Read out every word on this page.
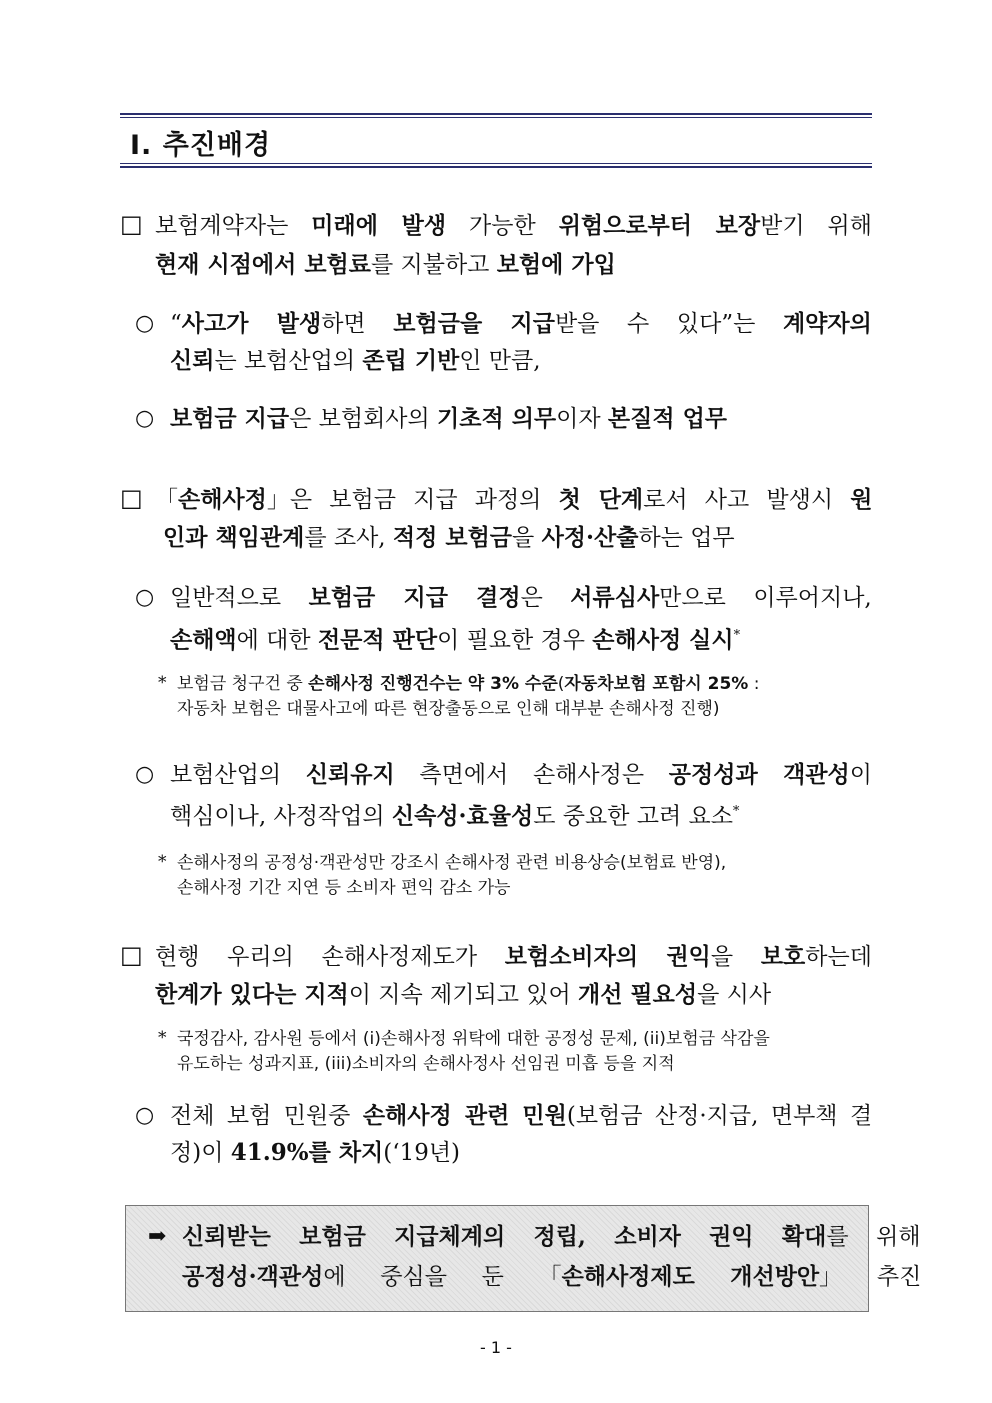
Ⅰ. 추진배경
□ 보험계약자는 미래에 발생 가능한 위험으로부터 보장받기 위해
현재 시점에서 보험료를 지불하고 보험에 가입
○ “사고가 발생하면 보험금을 지급받을 수 있다”는 계약자의
신뢰는 보험산업의 존립 기반인 만큼,
○ 보험금 지급은 보험회사의 기초적 의무이자 본질적 업무
□ 「손해사정」은 보험금 지급 과정의 첫 단계로서 사고 발생시 원
인과 책임관계를 조사, 적정 보험금을 사정·산출하는 업무
○ 일반적으로 보험금 지급 결정은 서류심사만으로 이루어지나,
손해액에 대한 전문적 판단이 필요한 경우 손해사정 실시*
* 보험금 청구건 중 손해사정 진행건수는 약 3% 수준(자동차보험 포함시 25% :
자동차 보험은 대물사고에 따른 현장출동으로 인해 대부분 손해사정 진행)
○ 보험산업의 신뢰유지 측면에서 손해사정은 공정성과 객관성이
핵심이나, 사정작업의 신속성·효율성도 중요한 고려 요소*
* 손해사정의 공정성·객관성만 강조시 손해사정 관련 비용상승(보험료 반영),
손해사정 기간 지연 등 소비자 편익 감소 가능
□ 현행 우리의 손해사정제도가 보험소비자의 권익을 보호하는데
한계가 있다는 지적이 지속 제기되고 있어 개선 필요성을 시사
* 국정감사, 감사원 등에서 (i)손해사정 위탁에 대한 공정성 문제, (ii)보험금 삭감을
유도하는 성과지표, (iii)소비자의 손해사정사 선임권 미흡 등을 지적
○ 전체 보험 민원중 손해사정 관련 민원(보험금 산정·지급, 면부책 결
정)이 41.9%를 차지(‘19년)
➡ 신뢰받는 보험금 지급체계의 정립, 소비자 권익 확대를 위해
공정성·객관성에 중심을 둔 「손해사정제도 개선방안」 추진
- 1 -
